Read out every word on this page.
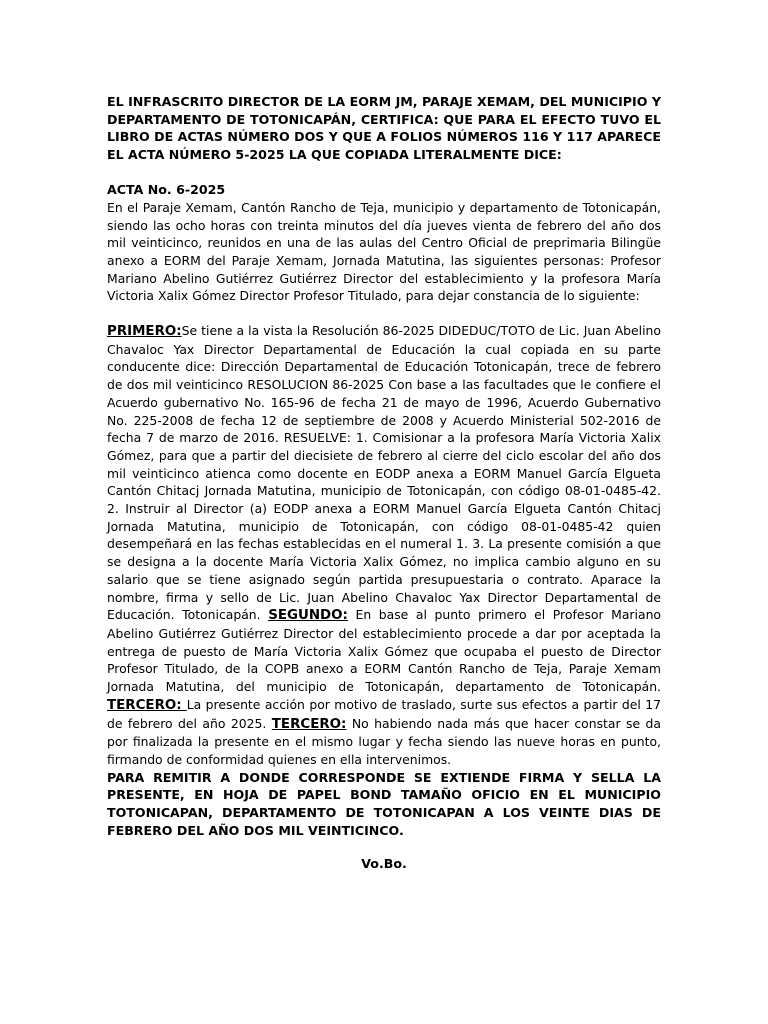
EL INFRASCRITO DIRECTOR DE LA EORM JM, PARAJE XEMAM, DEL MUNICIPIO Y DEPARTAMENTO DE TOTONICAPÁN, CERTIFICA: QUE PARA EL EFECTO TUVO EL LIBRO DE ACTAS NÚMERO DOS Y QUE A FOLIOS NÚMEROS 116 Y 117 APARECE EL ACTA NÚMERO 5-2025 LA QUE COPIADA LITERALMENTE DICE:

ACTA No. 6-2025

En el Paraje Xemam, Cantón Rancho de Teja, municipio y departamento de Totonicapán, siendo las ocho horas con treinta minutos del día jueves vienta de febrero del año dos mil veinticinco, reunidos en una de las aulas del Centro Oficial de preprimaria Bilingüe anexo a EORM del Paraje Xemam, Jornada Matutina, las siguientes personas: Profesor Mariano Abelino Gutiérrez Gutiérrez Director del establecimiento y la profesora María Victoria Xalix Gómez Director Profesor Titulado, para dejar constancia de lo siguiente:

PRIMERO:Se tiene a la vista la Resolución 86-2025 DIDEDUC/TOTO de Lic. Juan Abelino Chavaloc Yax Director Departamental de Educación la cual copiada en su parte conducente dice: Dirección Departamental de Educación Totonicapán, trece de febrero de dos mil veinticinco RESOLUCION 86-2025 Con base a las facultades que le confiere el Acuerdo gubernativo No. 165-96 de fecha 21 de mayo de 1996, Acuerdo Gubernativo No. 225-2008 de fecha 12 de septiembre de 2008 y Acuerdo Ministerial 502-2016 de fecha 7 de marzo de 2016. RESUELVE: 1. Comisionar a la profesora María Victoria Xalix Gómez, para que a partir del diecisiete de febrero al cierre del ciclo escolar del año dos mil veinticinco atienca como docente en EODP anexa a EORM Manuel García Elgueta Cantón Chitacj Jornada Matutina, municipio de Totonicapán, con código 08-01-0485-42. 2. Instruir al Director (a) EODP anexa a EORM Manuel García Elgueta Cantón Chitacj Jornada Matutina, municipio de Totonicapán, con código 08-01-0485-42 quien desempeñará en las fechas establecidas en el numeral 1. 3. La presente comisión a que se designa a la docente María Victoria Xalix Gómez, no implica cambio alguno en su salario que se tiene asignado según partida presupuestaria o contrato. Aparace la nombre, firma y sello de Lic. Juan Abelino Chavaloc Yax Director Departamental de Educación. Totonicapán. SEGUNDO: En base al punto primero el Profesor Mariano Abelino Gutiérrez Gutiérrez Director del establecimiento procede a dar por aceptada la entrega de puesto de María Victoria Xalix Gómez que ocupaba el puesto de Director Profesor Titulado, de la COPB anexo a EORM Cantón Rancho de Teja, Paraje Xemam Jornada Matutina, del municipio de Totonicapán, departamento de Totonicapán. TERCERO: La presente acción por motivo de traslado, surte sus efectos a partir del 17 de febrero del año 2025. TERCERO: No habiendo nada más que hacer constar se da por finalizada la presente en el mismo lugar y fecha siendo las nueve horas en punto, firmando de conformidad quienes en ella intervenimos.

PARA REMITIR A DONDE CORRESPONDE SE EXTIENDE FIRMA Y SELLA LA PRESENTE, EN HOJA DE PAPEL BOND TAMAÑO OFICIO EN EL MUNICIPIO TOTONICAPAN, DEPARTAMENTO DE TOTONICAPAN A LOS VEINTE DIAS DE FEBRERO DEL AÑO DOS MIL VEINTICINCO.

Vo.Bo.
